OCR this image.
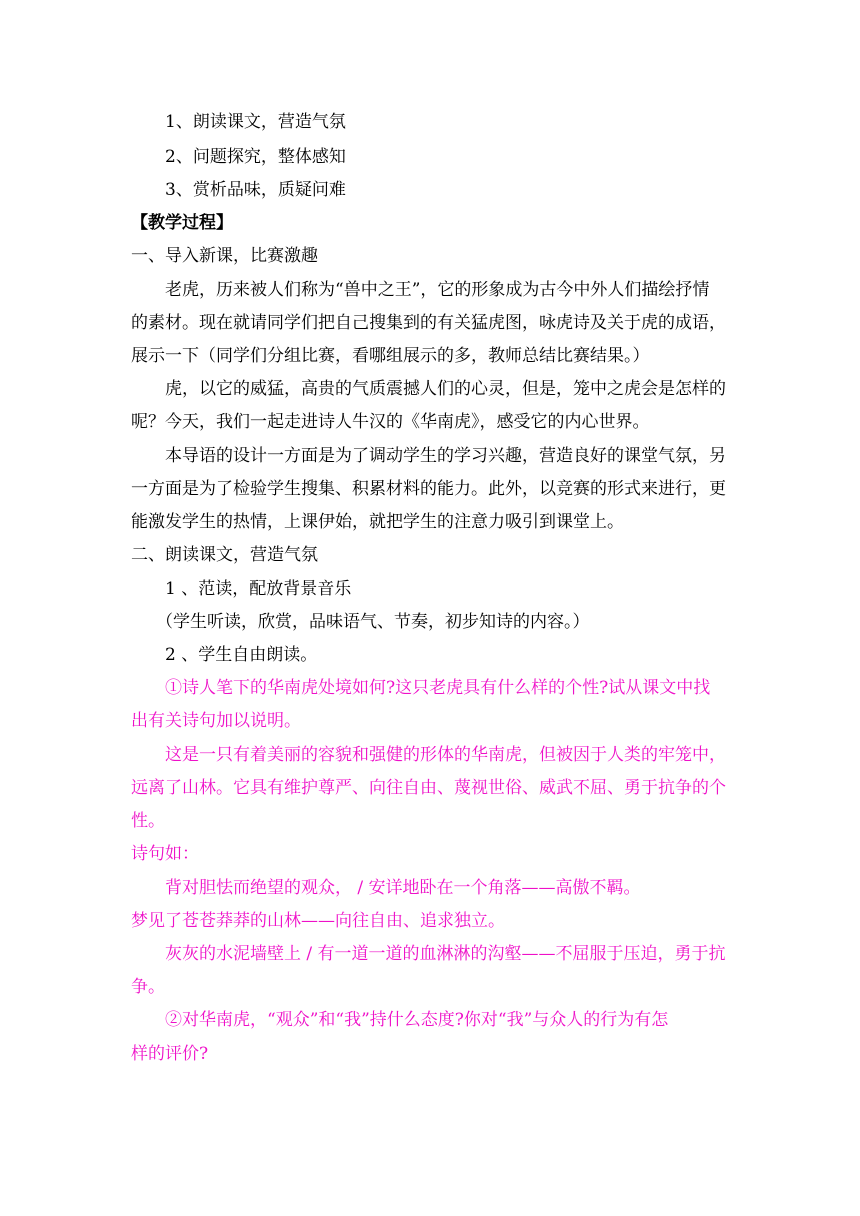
1、朗读课文，营造气氛
2、问题探究，整体感知
3、赏析品味，质疑问难
【教学过程】
一、导入新课，比赛激趣
老虎，历来被人们称为“兽中之王”，它的形象成为古今中外人们描绘抒情
的素材。现在就请同学们把自己搜集到的有关猛虎图，咏虎诗及关于虎的成语，
展示一下（同学们分组比赛，看哪组展示的多，教师总结比赛结果。）
虎，以它的威猛，高贵的气质震撼人们的心灵，但是，笼中之虎会是怎样的
呢？今天，我们一起走进诗人牛汉的《华南虎》，感受它的内心世界。
本导语的设计一方面是为了调动学生的学习兴趣，营造良好的课堂气氛，另
一方面是为了检验学生搜集、积累材料的能力。此外，以竞赛的形式来进行，更
能激发学生的热情，上课伊始，就把学生的注意力吸引到课堂上。
二、朗读课文，营造气氛
1 、范读，配放背景音乐
（学生听读，欣赏，品味语气、节奏，初步知诗的内容。）
2 、学生自由朗读。
①诗人笔下的华南虎处境如何?这只老虎具有什么样的个性?试从课文中找
出有关诗句加以说明。
这是一只有着美丽的容貌和强健的形体的华南虎，但被因于人类的牢笼中，
远离了山林。它具有维护尊严、向往自由、蔑视世俗、威武不屈、勇于抗争的个
性。
诗句如：
背对胆怯而绝望的观众， / 安详地卧在一个角落——高傲不羁。
梦见了苍苍莽莽的山林——向往自由、追求独立。
灰灰的水泥墙壁上 / 有一道一道的血淋淋的沟壑——不屈服于压迫，勇于抗
争。
②对华南虎，“观众”和“我”持什么态度?你对“我”与众人的行为有怎
样的评价?
